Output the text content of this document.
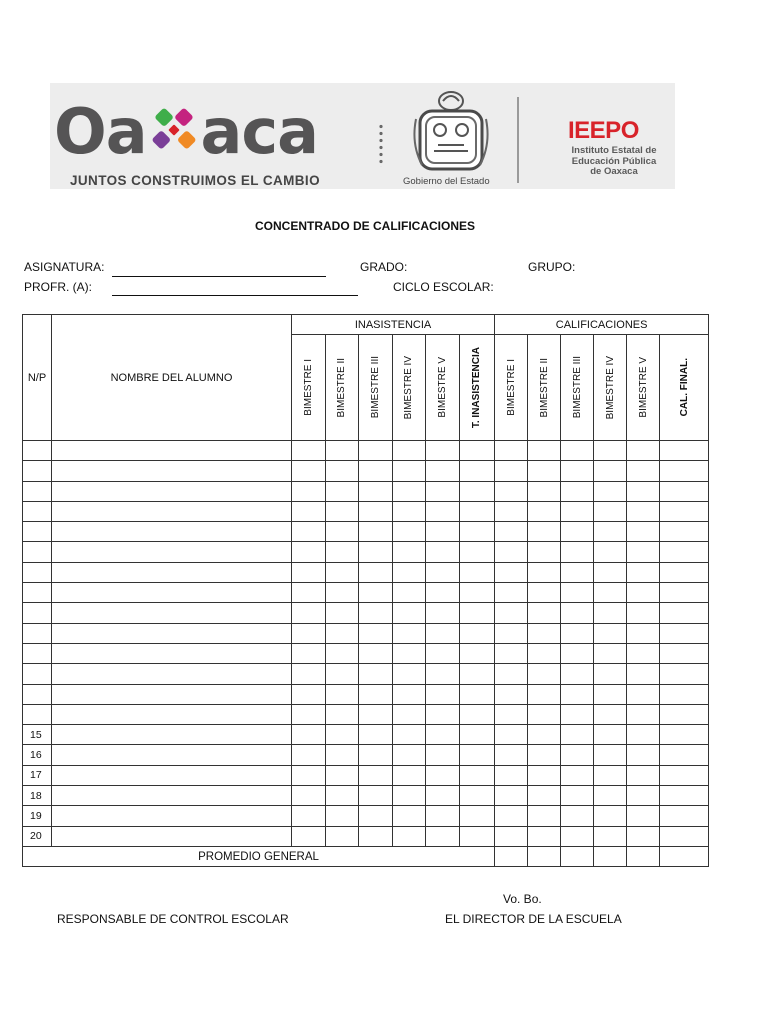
Oa aca
JUNTOS CONSTRUIMOS EL CAMBIO	Gobierno del Estado
IEEPO
Instituto Estatal de
Educación Pública
de Oaxaca
CONCENTRADO DE CALIFICACIONES
ASIGNATURA:	GRADO:	GRUPO:
PROFR. (A):	CICLO ESCOLAR:
N/P	NOMBRE DEL ALUMNO	INASISTENCIA						CALIFICACIONES					

		BIMESTRE I	BIMESTRE II	BIMESTRE III	BIMESTRE IV	BIMESTRE V	T. INASISTENCIA	BIMESTRE I	BIMESTRE II	BIMESTRE III	BIMESTRE IV	BIMESTRE V	CAL. FINAL.

15													
16													
17													
18													
19													
20													
PROMEDIO GENERAL													
Vo. Bo.
RESPONSABLE DE CONTROL ESCOLAR	EL DIRECTOR DE LA ESCUELA
